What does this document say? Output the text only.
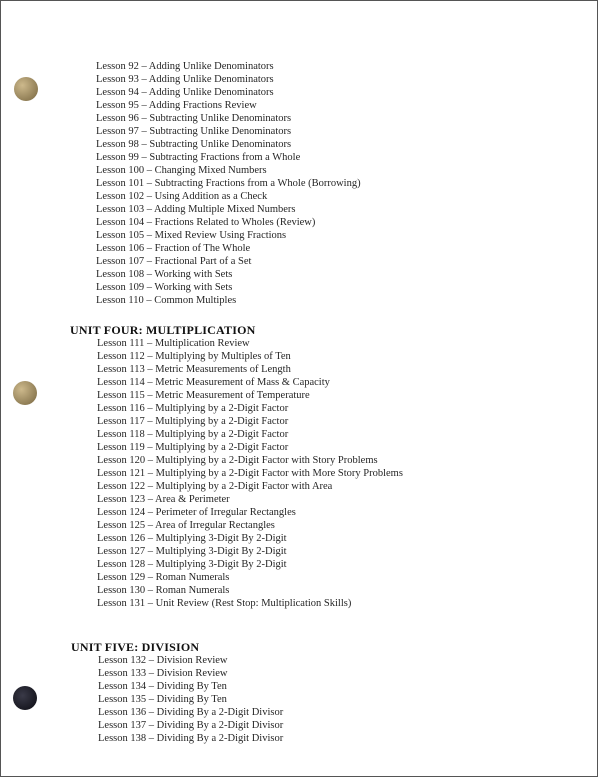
Lesson 92 – Adding Unlike Denominators
Lesson 93 – Adding Unlike Denominators
Lesson 94 – Adding Unlike Denominators
Lesson 95 – Adding Fractions Review
Lesson 96 – Subtracting Unlike Denominators
Lesson 97 – Subtracting Unlike Denominators
Lesson 98 – Subtracting Unlike Denominators
Lesson 99 – Subtracting Fractions from a Whole
Lesson 100 – Changing Mixed Numbers
Lesson 101 – Subtracting Fractions from a Whole (Borrowing)
Lesson 102 – Using Addition as a Check
Lesson 103 – Adding Multiple Mixed Numbers
Lesson 104 – Fractions Related to Wholes (Review)
Lesson 105 – Mixed Review Using Fractions
Lesson 106 – Fraction of The Whole
Lesson 107 – Fractional Part of a Set
Lesson 108 – Working with Sets
Lesson 109 – Working with Sets
Lesson 110 – Common Multiples
UNIT FOUR: MULTIPLICATION
Lesson 111 – Multiplication Review
Lesson 112 – Multiplying by Multiples of Ten
Lesson 113 – Metric Measurements of Length
Lesson 114 – Metric Measurement of Mass & Capacity
Lesson 115 – Metric Measurement of Temperature
Lesson 116 – Multiplying by a 2-Digit Factor
Lesson 117 – Multiplying by a 2-Digit Factor
Lesson 118 – Multiplying by a 2-Digit Factor
Lesson 119 – Multiplying by a 2-Digit Factor
Lesson 120 – Multiplying by a 2-Digit Factor with Story Problems
Lesson 121 – Multiplying by a 2-Digit Factor with More Story Problems
Lesson 122 – Multiplying by a 2-Digit Factor with Area
Lesson 123 – Area & Perimeter
Lesson 124 – Perimeter of Irregular Rectangles
Lesson 125 – Area of Irregular Rectangles
Lesson 126 – Multiplying 3-Digit By 2-Digit
Lesson 127 – Multiplying 3-Digit By 2-Digit
Lesson 128 – Multiplying 3-Digit By 2-Digit
Lesson 129 – Roman Numerals
Lesson 130 – Roman Numerals
Lesson 131 – Unit Review (Rest Stop: Multiplication Skills)
UNIT FIVE: DIVISION
Lesson 132 – Division Review
Lesson 133 – Division Review
Lesson 134 – Dividing By Ten
Lesson 135 – Dividing By Ten
Lesson 136 – Dividing By a 2-Digit Divisor
Lesson 137 – Dividing By a 2-Digit Divisor
Lesson 138 – Dividing By a 2-Digit Divisor
